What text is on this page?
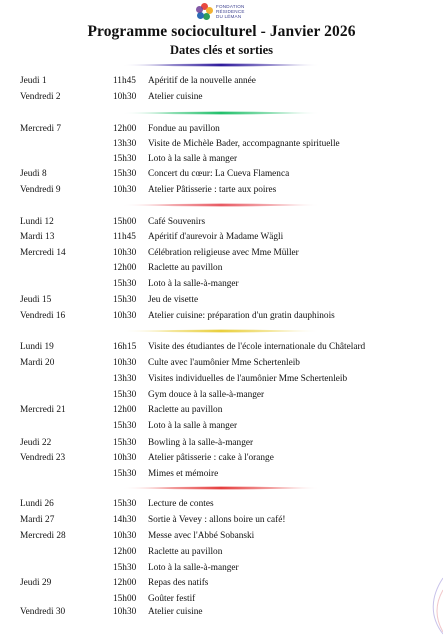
FONDATION
RÉSIDENCE
DU LÉMAN
Programme socioculturel - Janvier 2026
Dates clés et sorties
Jeudi 1	11h45 Apéritif de la nouvelle année
Vendredi 2	10h30 Atelier cuisine
Mercredi 7	12h00 Fondue au pavillon
13h30 Visite de Michèle Bader, accompagnante spirituelle
15h30 Loto à la salle à manger
Jeudi 8	15h30 Concert du cœur: La Cueva Flamenca
Vendredi 9	10h30 Atelier Pâtisserie : tarte aux poires
Lundi 12	15h00 Café Souvenirs
Mardi 13	11h45 Apéritif d'aurevoir à Madame Wägli
Mercredi 14	10h30 Célébration religieuse avec Mme Müller
12h00 Raclette au pavillon
15h30 Loto à la salle-à-manger
Jeudi 15	15h30 Jeu de visette
Vendredi 16	10h30 Atelier cuisine: préparation d'un gratin dauphinois
Lundi 19	16h15 Visite des étudiantes de l'école internationale du Châtelard
Mardi 20	10h30 Culte avec l'aumônier Mme Schertenleib
13h30 Visites individuelles de l'aumônier Mme Schertenleib
15h30 Gym douce à la salle-à-manger
Mercredi 21	12h00 Raclette au pavillon
15h30 Loto à la salle à manger
Jeudi 22	15h30 Bowling à la salle-à-manger
Vendredi 23	10h30 Atelier pâtisserie : cake à l'orange
15h30 Mimes et mémoire
Lundi 26	15h30 Lecture de contes
Mardi 27	14h30 Sortie à Vevey : allons boire un café!
Mercredi 28	10h30 Messe avec l'Abbé Sobanski
12h00 Raclette au pavillon
15h30 Loto à la salle-à-manger
Jeudi 29	12h00 Repas des natifs
15h00 Goûter festif
Vendredi 30	10h30 Atelier cuisine
